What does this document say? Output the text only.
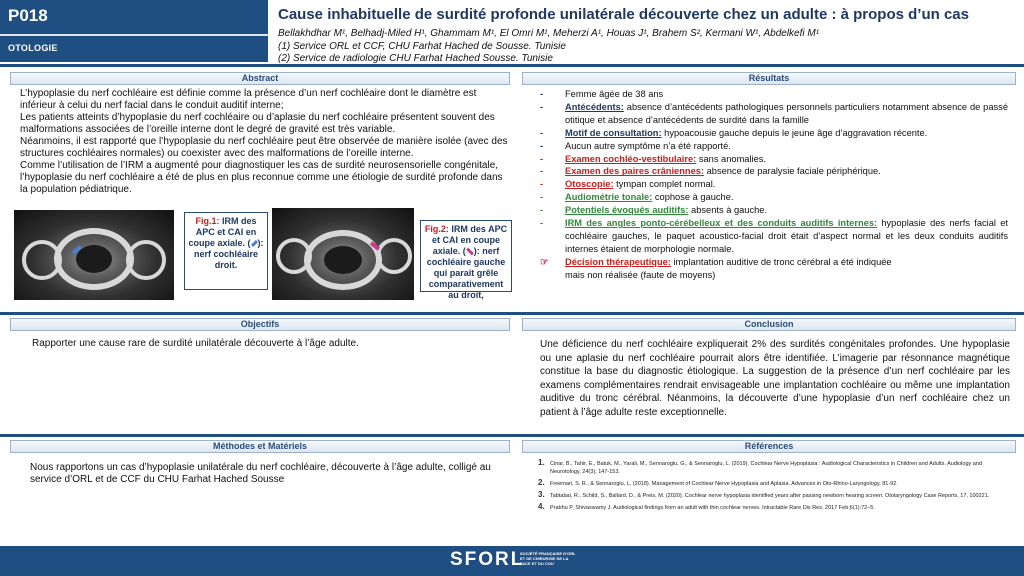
P018
OTOLOGIE
Cause inhabituelle de surdité profonde unilatérale découverte chez un adulte : à propos d’un cas
Bellakhdhar M¹, Belhadj-Miled H¹, Ghammam M¹, El Omri M¹, Meherzi A¹, Houas J¹, Brahem S², Kermani W¹, Abdelkefi M¹
(1) Service ORL et CCF, CHU Farhat Hached de Sousse. Tunisie
(2) Service de radiologie CHU Farhat Hached Sousse. Tunisie
Abstract
L’hypoplasie du nerf cochléaire est définie comme la présence d’un nerf cochléaire dont le diamètre est inférieur à celui du nerf facial dans le conduit auditif interne;
Les patients atteints d’hypoplasie du nerf cochléaire ou d’aplasie du nerf cochléaire présentent souvent des malformations associées de l’oreille interne dont le degré de gravité est très variable.
Néanmoins, il est rapporté que l’hypoplasie du nerf cochléaire peut être observée de manière isolée (avec des structures cochléaires normales) ou coexister avec des malformations de l’oreille interne.
Comme l’utilisation de l’IRM a augmenté pour diagnostiquer les cas de surdité neurosensorielle congénitale, l’hypoplasie du nerf cochléaire a été de plus en plus reconnue comme une étiologie de surdité profonde dans la population pédiatrique.
Fig.1: IRM des APC et CAI en coupe axiale. ( ): nerf cochléaire droit.
Fig.2: IRM des APC et CAI en coupe axiale. ( ): nerf cochléaire gauche qui parait grêle comparativement au droit,
Résultats
- Femme âgée de 38 ans
- Antécédents: absence d’antécédents pathologiques personnels particuliers notamment absence de passé otitique et absence d’antécédents de surdité dans la famille
- Motif de consultation: hypoacousie gauche depuis le jeune âge d’aggravation récente.
- Aucun autre symptôme n’a été rapporté.
- Examen cochléo-vestibulaire: sans anomalies.
- Examen des paires crâniennes: absence de paralysie faciale périphérique.
- Otoscopie: tympan complet normal.
- Audiométrie tonale: cophose à gauche.
- Potentiels évoqués auditifs: absents à gauche.
- IRM des angles ponto-cérébelleux et des conduits auditifs internes: hypoplasie des nerfs facial et cochléaire gauches, le paquet acoustico-facial droit était d’aspect normal et les deux conduits auditifs internes étaient de morphologie normale.
☞ Décision thérapeutique: implantation auditive de tronc cérébral a été indiquée
mais non réalisée (faute de moyens)
Objectifs
Rapporter une cause rare de surdité unilatérale découverte à l’âge adulte.
Conclusion
Une déficience du nerf cochléaire expliquerait 2% des surdités congénitales profondes. Une hypoplasie ou une aplasie du nerf cochléaire pourrait alors être identifiée. L’imagerie par résonnance magnétique constitue la base du diagnostic étiologique. La suggestion de la présence d’un nerf cochléaire par les examens complémentaires rendrait envisageable une implantation cochléaire ou même une implantation auditive du tronc cérébral. Néanmoins, la découverte d’une hypoplasie d’un nerf cochléaire chez un patient à l’âge adulte reste exceptionnelle.
Méthodes et Matériels
Nous rapportons un cas d’hypoplasie unilatérale du nerf cochléaire, découverte à l’âge adulte, colligé au service d’ORL et de CCF du CHU Farhat Hached Sousse
Références
1. Cinar, B., Tahir, E., Batuk, M., Yarali, M., Sennaroglu, G., & Sennaroglu, L. (2019). Cochlear Nerve Hypoplasia : Audiological Characteristics in Children and Adults. Audiology and Neurotology, 24(3), 147-153.
2. Freeman, S. R., & Sennaroglu, L. (2018). Management of Cochlear Nerve Hypoplasia and Aplasia. Advances in Oto-Rhino-Laryngology, 81-92.
3. Tabtabai, R., Schild, S., Ballard, D., & Preis, M. (2020). Cochlear nerve hypoplasia identified years after passing newborn hearing screen. Otolaryngology Case Reports, 17, 100221.
4. Prabhu P, Shivaswamy J. Audiological findings from an adult with thin cochlear nerves. Intractable Rare Dis Res. 2017 Feb;6(1):72–5.
SFORL
SOCIÉTÉ FRANÇAISE D’ORL ET DE CHIRURGIE DE LA FACE ET DU COU
